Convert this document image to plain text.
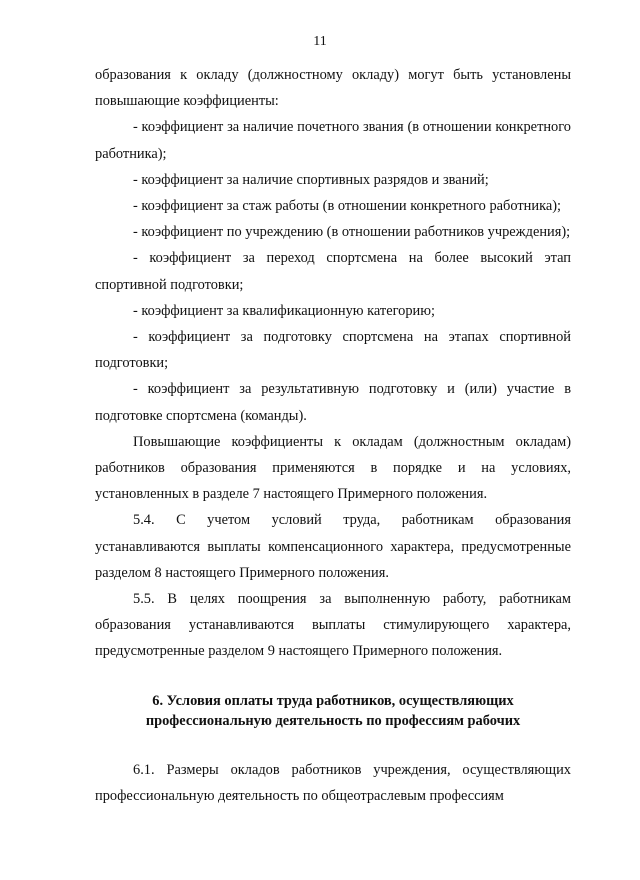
11

образования к окладу (должностному окладу) могут быть установлены повышающие коэффициенты:

- коэффициент за наличие почетного звания (в отношении конкретного работника);

- коэффициент за наличие спортивных разрядов и званий;

- коэффициент за стаж работы (в отношении конкретного работника);

- коэффициент по учреждению (в отношении работников учреждения);

- коэффициент за переход спортсмена на более высокий этап спортивной подготовки;

- коэффициент за квалификационную категорию;

- коэффициент за подготовку спортсмена на этапах спортивной подготовки;

- коэффициент за результативную подготовку и (или) участие в подготовке спортсмена (команды).

Повышающие коэффициенты к окладам (должностным окладам) работников образования применяются в порядке и на условиях, установленных в разделе 7 настоящего Примерного положения.

5.4. С учетом условий труда, работникам образования устанавливаются выплаты компенсационного характера, предусмотренные разделом 8 настоящего Примерного положения.

5.5. В целях поощрения за выполненную работу, работникам образования устанавливаются выплаты стимулирующего характера, предусмотренные разделом 9 настоящего Примерного положения.

6. Условия оплаты труда работников, осуществляющих
профессиональную деятельность по профессиям рабочих

6.1. Размеры окладов работников учреждения, осуществляющих профессиональную деятельность по общеотраслевым профессиям
